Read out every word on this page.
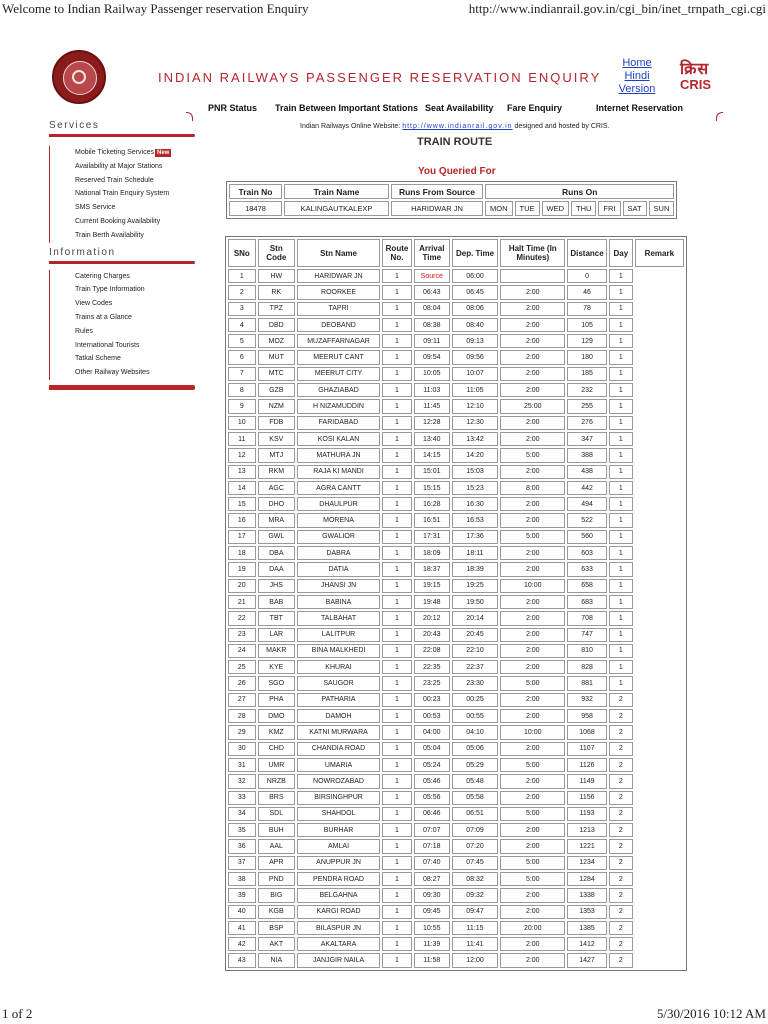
Welcome to Indian Railway Passenger reservation Enquiry	http://www.indianrail.gov.in/cgi_bin/inet_trnpath_cgi.cgi
INDIAN RAILWAYS PASSENGER RESERVATION ENQUIRY
Home
Hindi
Version
क्रिस
CRIS
PNR Status Train Between Important Stations Seat Availability Fare Enquiry	Internet Reservation
Services
Mobile Ticketing Services New
Availability at Major Stations
Reserved Train Schedule
National Train Enquiry System
SMS Service
Current Booking Availability
Train Berth Availability
Information
Catering Charges
Train Type Information
View Codes
Trains at a Glance
Rules
International Tourists
Tatkal Scheme
Other Railway Websites
Indian Railways Online Website: http://www.indianrail.gov.in designed and hosted by CRIS.
TRAIN ROUTE
You Queried For
Train No	Train Name	Runs From Source	Runs On						
18478	KALINGAUTKALEXP	HARIDWAR JN	MON	TUE	WED	THU	FRI	SAT	SUN
SNo	Stn Code	Stn Name	Route No.	Arrival Time	Dep. Time	Halt Time (In Minutes)	Distance	Day	Remark
1	HW	HARIDWAR JN	1	Source	06:00		0	1	
2	RK	ROORKEE	1	06:43	06:45	2:00	46	1	
3	TPZ	TAPRI	1	08:04	08:06	2:00	78	1	
4	DBD	DEOBAND	1	08:38	08:40	2:00	105	1	
5	MOZ	MUZAFFARNAGAR	1	09:11	09:13	2:00	129	1	
6	MUT	MEERUT CANT	1	09:54	09:56	2:00	180	1	
7	MTC	MEERUT CITY	1	10:05	10:07	2:00	185	1	
8	GZB	GHAZIABAD	1	11:03	11:05	2:00	232	1	
9	NZM	H NIZAMUDDIN	1	11:45	12:10	25:00	255	1	
10	FDB	FARIDABAD	1	12:28	12:30	2:00	276	1	
11	KSV	KOSI KALAN	1	13:40	13:42	2:00	347	1	
12	MTJ	MATHURA JN	1	14:15	14:20	5:00	388	1	
13	RKM	RAJA KI MANDI	1	15:01	15:03	2:00	438	1	
14	AGC	AGRA CANTT	1	15:15	15:23	8:00	442	1	
15	DHO	DHAULPUR	1	16:28	16:30	2:00	494	1	
16	MRA	MORENA	1	16:51	16:53	2:00	522	1	
17	GWL	GWALIOR	1	17:31	17:36	5:00	560	1	
18	DBA	DABRA	1	18:09	18:11	2:00	603	1	
19	DAA	DATIA	1	18:37	18:39	2:00	633	1	
20	JHS	JHANSI JN	1	19:15	19:25	10:00	658	1	
21	BAB	BABINA	1	19:48	19:50	2:00	683	1	
22	TBT	TALBAHAT	1	20:12	20:14	2:00	708	1	
23	LAR	LALITPUR	1	20:43	20:45	2:00	747	1	
24	MAKR	BINA MALKHEDI	1	22:08	22:10	2:00	810	1	
25	KYE	KHURAI	1	22:35	22:37	2:00	828	1	
26	SGO	SAUGOR	1	23:25	23:30	5:00	881	1	
27	PHA	PATHARIA	1	00:23	00:25	2:00	932	2	
28	DMO	DAMOH	1	00:53	00:55	2:00	958	2	
29	KMZ	KATNI MURWARA	1	04:00	04:10	10:00	1068	2	
30	CHD	CHANDIA ROAD	1	05:04	05:06	2:00	1107	2	
31	UMR	UMARIA	1	05:24	05:29	5:00	1126	2	
32	NRZB	NOWROZABAD	1	05:46	05:48	2:00	1149	2	
33	BRS	BIRSINGHPUR	1	05:56	05:58	2:00	1156	2	
34	SDL	SHAHDOL	1	06:46	06:51	5:00	1193	2	
35	BUH	BURHAR	1	07:07	07:09	2:00	1213	2	
36	AAL	AMLAI	1	07:18	07:20	2:00	1221	2	
37	APR	ANUPPUR JN	1	07:40	07:45	5:00	1234	2	
38	PND	PENDRA ROAD	1	08:27	08:32	5:00	1284	2	
39	BIG	BELGAHNA	1	09:30	09:32	2:00	1338	2	
40	KGB	KARGI ROAD	1	09:45	09:47	2:00	1353	2	
41	BSP	BILASPUR JN	1	10:55	11:15	20:00	1385	2	
42	AKT	AKALTARA	1	11:39	11:41	2:00	1412	2	
43	NIA	JANJGIR NAILA	1	11:58	12:00	2:00	1427	2	
1 of 2	5/30/2016 10:12 AM
